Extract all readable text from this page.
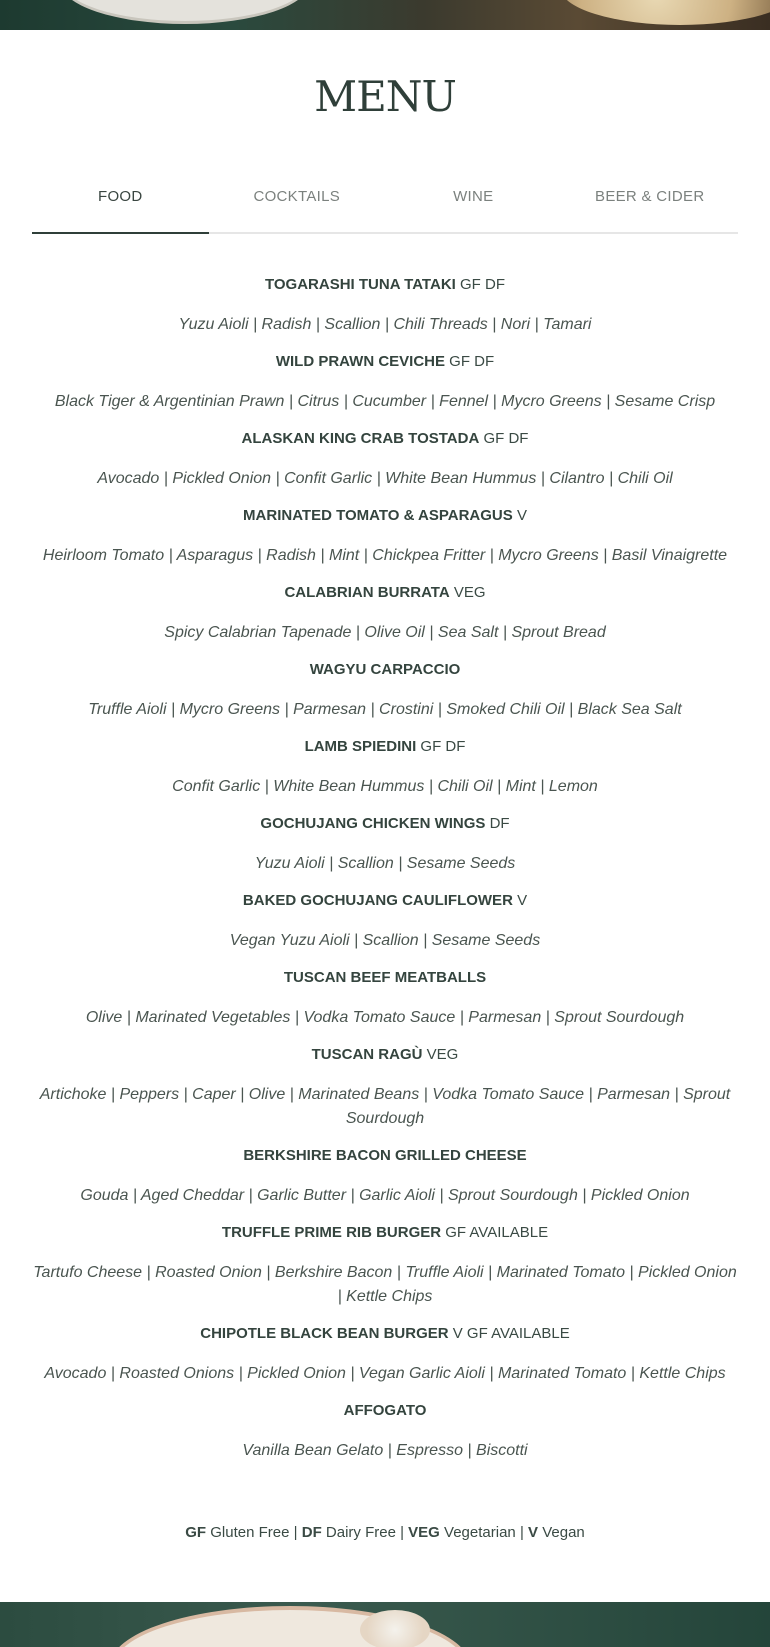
MENU
FOOD	COCKTAILS	WINE	BEER & CIDER
TOGARASHI TUNA TATAKI GF DF
Yuzu Aioli | Radish | Scallion | Chili Threads | Nori | Tamari
WILD PRAWN CEVICHE GF DF
Black Tiger & Argentinian Prawn | Citrus | Cucumber | Fennel | Mycro Greens | Sesame Crisp
ALASKAN KING CRAB TOSTADA GF DF
Avocado | Pickled Onion | Confit Garlic | White Bean Hummus | Cilantro | Chili Oil
MARINATED TOMATO & ASPARAGUS V
Heirloom Tomato | Asparagus | Radish | Mint | Chickpea Fritter | Mycro Greens | Basil Vinaigrette
CALABRIAN BURRATA VEG
Spicy Calabrian Tapenade | Olive Oil | Sea Salt | Sprout Bread
WAGYU CARPACCIO
Truffle Aioli | Mycro Greens | Parmesan | Crostini | Smoked Chili Oil | Black Sea Salt
LAMB SPIEDINI GF DF
Confit Garlic | White Bean Hummus | Chili Oil | Mint | Lemon
GOCHUJANG CHICKEN WINGS DF
Yuzu Aioli | Scallion | Sesame Seeds
BAKED GOCHUJANG CAULIFLOWER V
Vegan Yuzu Aioli | Scallion | Sesame Seeds
TUSCAN BEEF MEATBALLS
Olive | Marinated Vegetables | Vodka Tomato Sauce | Parmesan | Sprout Sourdough
TUSCAN RAGÙ VEG
Artichoke | Peppers | Caper | Olive | Marinated Beans | Vodka Tomato Sauce | Parmesan | Sprout Sourdough
BERKSHIRE BACON GRILLED CHEESE
Gouda | Aged Cheddar | Garlic Butter | Garlic Aioli | Sprout Sourdough | Pickled Onion
TRUFFLE PRIME RIB BURGER GF AVAILABLE
Tartufo Cheese | Roasted Onion | Berkshire Bacon | Truffle Aioli | Marinated Tomato | Pickled Onion | Kettle Chips
CHIPOTLE BLACK BEAN BURGER V GF AVAILABLE
Avocado | Roasted Onions | Pickled Onion | Vegan Garlic Aioli | Marinated Tomato | Kettle Chips
AFFOGATO
Vanilla Bean Gelato | Espresso | Biscotti
GF Gluten Free | DF Dairy Free | VEG Vegetarian | V Vegan
